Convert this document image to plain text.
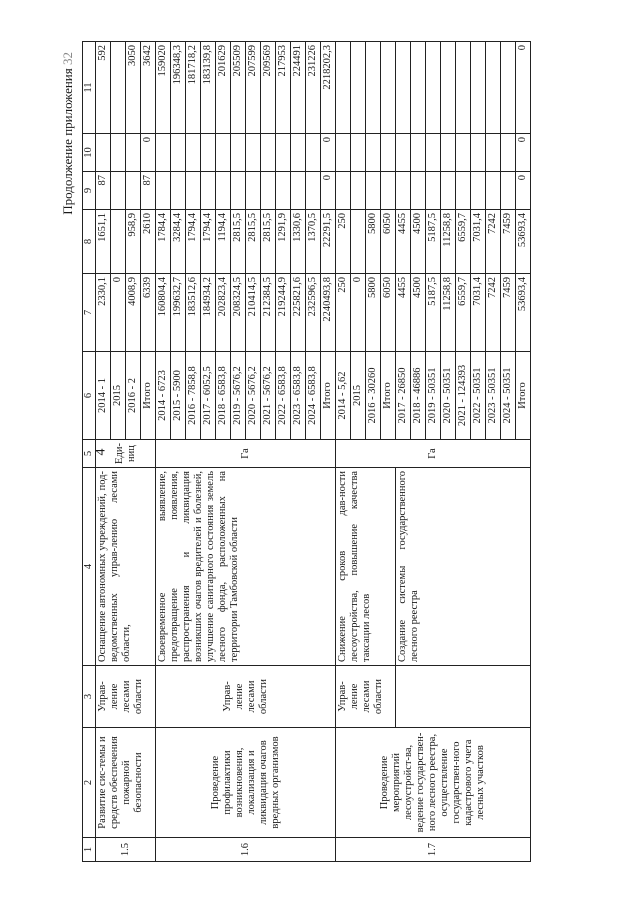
4
Продолжение приложения 32
1	2	3	4	5	6	7	8	9	10	11
1.5	Развитие сис-темы и средств обеспечения пожарной безопасности	Управ-ление лесами области	Оснащение автономных учреждений, под-ведомственных управ-лению лесами области,	Еди-ниц	2014 - 1	2330,1	1651,1	87		592
					2015	0				
					2016 - 2	4008,9	958,9			3050
					Итого	6339	2610	87	0	3642
1.6	Проведение профилактики возникновения, локализация и ликвидация очагов вредных организмов	Управ-ление лесами области	Своевременное выявление, предотвращение появления, распространения и ликвидация возникших очагов вредителей и болезней, улучшение санитарного состояния земель лесного фонда, расположенных на территории Тамбовской области	Га	2014 - 6723	160804,4	1784,4			159020
					2015 - 5900	199632,7	3284,4			196348,3
					2016 - 7858,8	183512,6	1794,4			181718,2
					2017 - 6052,5	184934,2	1794,4			183139,8
					2018 - 6583,8	202823,4	1194,4			201629
					2019 - 5676,2	208324,5	2815,5			205509
					2020 - 5676,2	210414,5	2815,5			207599
					2021 - 5676,2	212384,5	2815,5			209569
					2022 - 6583,8	219244,9	1291,9			217953
					2023 - 6583,8	225821,6	1330,6			224491
					2024 - 6583,8	232596,5	1370,5			231226
					Итого	2240493,8	22291,5	0	0	2218202,3
1.7	Проведение мероприятий лесоустройст-ва, ведение государствен-ного лесного реестра, осуществление государствен-ного кадастрового учета лесных участков	Управ-ление лесами области	Снижение сроков дав-ности лесоустройства, повышение качества таксации лесов	Га	2014 - 5,62	250	250			
					2015	0				
					2016 - 30260	5800	5800			
					Итого	6050	6050			
			Создание системы государственного лесного реестра		2017 - 26850	4455	4455			
					2018 - 46886	4500	4500			
					2019 - 50351	5187,5	5187,5			
					2020 - 50351	11258,8	11258,8			
					2021 - 124393	6559,7	6559,7			
					2022 - 50351	7031,4	7031,4			
					2023 - 50351	7242	7242			
					2024 - 50351	7459	7459			
					Итого	53693,4	53693,4	0	0	0
